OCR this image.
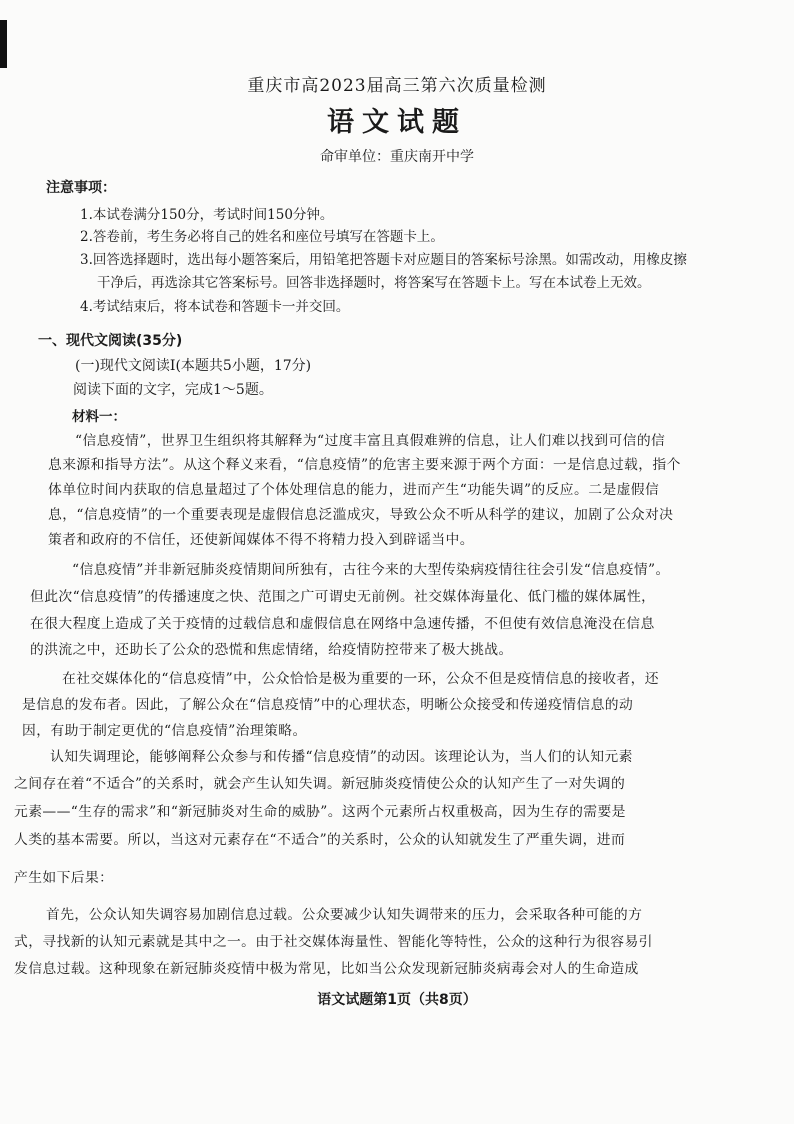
重庆市高2023届高三第六次质量检测
语文试题
命审单位：重庆南开中学
注意事项：
1.本试卷满分150分，考试时间150分钟。
2.答卷前，考生务必将自己的姓名和座位号填写在答题卡上。
3.回答选择题时，选出每小题答案后，用铅笔把答题卡对应题目的答案标号涂黑。如需改动，用橡皮擦
干净后，再选涂其它答案标号。回答非选择题时，将答案写在答题卡上。写在本试卷上无效。
4.考试结束后，将本试卷和答题卡一并交回。
一、现代文阅读(35分)
(一)现代文阅读Ⅰ(本题共5小题，17分)
阅读下面的文字，完成1～5题。
材料一：
“信息疫情”，世界卫生组织将其解释为“过度丰富且真假难辨的信息，让人们难以找到可信的信
息来源和指导方法”。从这个释义来看，“信息疫情”的危害主要来源于两个方面：一是信息过载，指个
体单位时间内获取的信息量超过了个体处理信息的能力，进而产生“功能失调”的反应。二是虚假信
息，“信息疫情”的一个重要表现是虚假信息泛滥成灾，导致公众不听从科学的建议，加剧了公众对决
策者和政府的不信任，还使新闻媒体不得不将精力投入到辟谣当中。
“信息疫情”并非新冠肺炎疫情期间所独有，古往今来的大型传染病疫情往往会引发“信息疫情”。
但此次“信息疫情”的传播速度之快、范围之广可谓史无前例。社交媒体海量化、低门槛的媒体属性，
在很大程度上造成了关于疫情的过载信息和虚假信息在网络中急速传播，不但使有效信息淹没在信息
的洪流之中，还助长了公众的恐慌和焦虑情绪，给疫情防控带来了极大挑战。
在社交媒体化的“信息疫情”中，公众恰恰是极为重要的一环，公众不但是疫情信息的接收者，还
是信息的发布者。因此，了解公众在“信息疫情”中的心理状态，明晰公众接受和传递疫情信息的动
因，有助于制定更优的“信息疫情”治理策略。
认知失调理论，能够阐释公众参与和传播“信息疫情”的动因。该理论认为，当人们的认知元素
之间存在着“不适合”的关系时，就会产生认知失调。新冠肺炎疫情使公众的认知产生了一对失调的
元素——“生存的需求”和“新冠肺炎对生命的威胁”。这两个元素所占权重极高，因为生存的需要是
人类的基本需要。所以，当这对元素存在“不适合”的关系时，公众的认知就发生了严重失调，进而
产生如下后果：
首先，公众认知失调容易加剧信息过载。公众要减少认知失调带来的压力，会采取各种可能的方
式，寻找新的认知元素就是其中之一。由于社交媒体海量性、智能化等特性，公众的这种行为很容易引
发信息过载。这种现象在新冠肺炎疫情中极为常见，比如当公众发现新冠肺炎病毒会对人的生命造成
语文试题第1页（共8页）
